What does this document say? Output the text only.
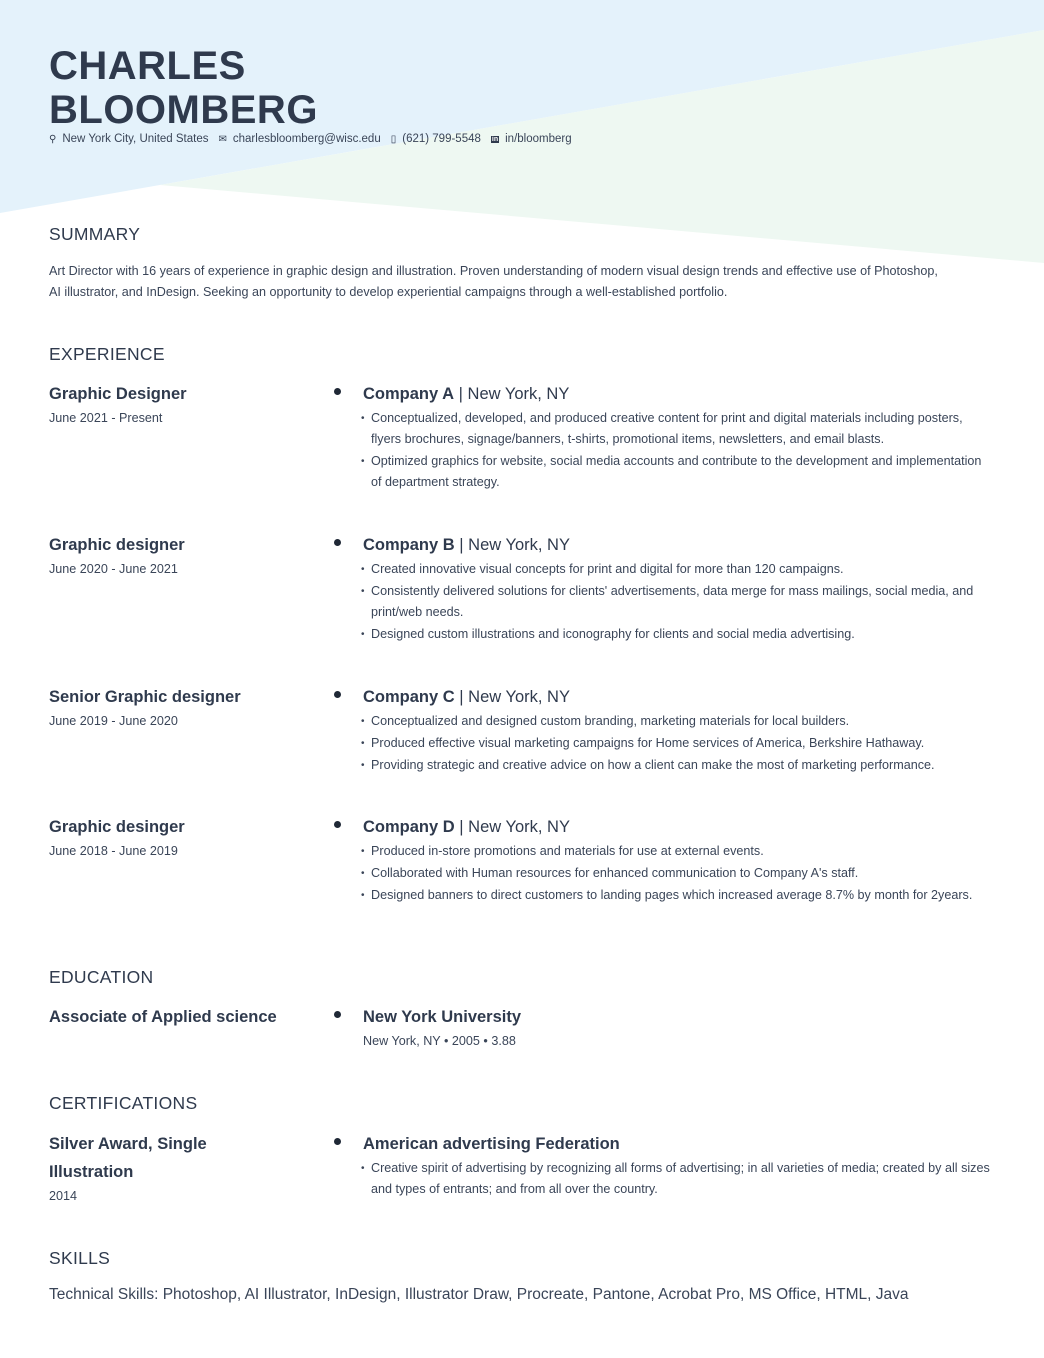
CHARLES
BLOOMBERG
⚲ New York City, United States ✉ charlesbloomberg@wisc.edu ▯ (621) 799-5548 in in/bloomberg
SUMMARY
Art Director with 16 years of experience in graphic design and illustration. Proven understanding of modern visual design trends and effective use of Photoshop, AI illustrator, and InDesign. Seeking an opportunity to develop experiential campaigns through a well-established portfolio.
EXPERIENCE
Graphic Designer
June 2021 - Present
Company A | New York, NY
• Conceptualized, developed, and produced creative content for print and digital materials including posters, flyers brochures, signage/banners, t-shirts, promotional items, newsletters, and email blasts.
• Optimized graphics for website, social media accounts and contribute to the development and implementation of department strategy.
Graphic designer
June 2020 - June 2021
Company B | New York, NY
• Created innovative visual concepts for print and digital for more than 120 campaigns.
• Consistently delivered solutions for clients' advertisements, data merge for mass mailings, social media, and print/web needs.
• Designed custom illustrations and iconography for clients and social media advertising.
Senior Graphic designer
June 2019 - June 2020
Company C | New York, NY
• Conceptualized and designed custom branding, marketing materials for local builders.
• Produced effective visual marketing campaigns for Home services of America, Berkshire Hathaway.
• Providing strategic and creative advice on how a client can make the most of marketing performance.
Graphic desinger
June 2018 - June 2019
Company D | New York, NY
• Produced in-store promotions and materials for use at external events.
• Collaborated with Human resources for enhanced communication to Company A's staff.
• Designed banners to direct customers to landing pages which increased average 8.7% by month for 2years.
EDUCATION
Associate of Applied science	New York University
New York, NY • 2005 • 3.88
CERTIFICATIONS
Silver Award, Single Illustration
2014
American advertising Federation
• Creative spirit of advertising by recognizing all forms of advertising; in all varieties of media; created by all sizes and types of entrants; and from all over the country.
SKILLS
Technical Skills: Photoshop, AI Illustrator, InDesign, Illustrator Draw, Procreate, Pantone, Acrobat Pro, MS Office, HTML, Java
